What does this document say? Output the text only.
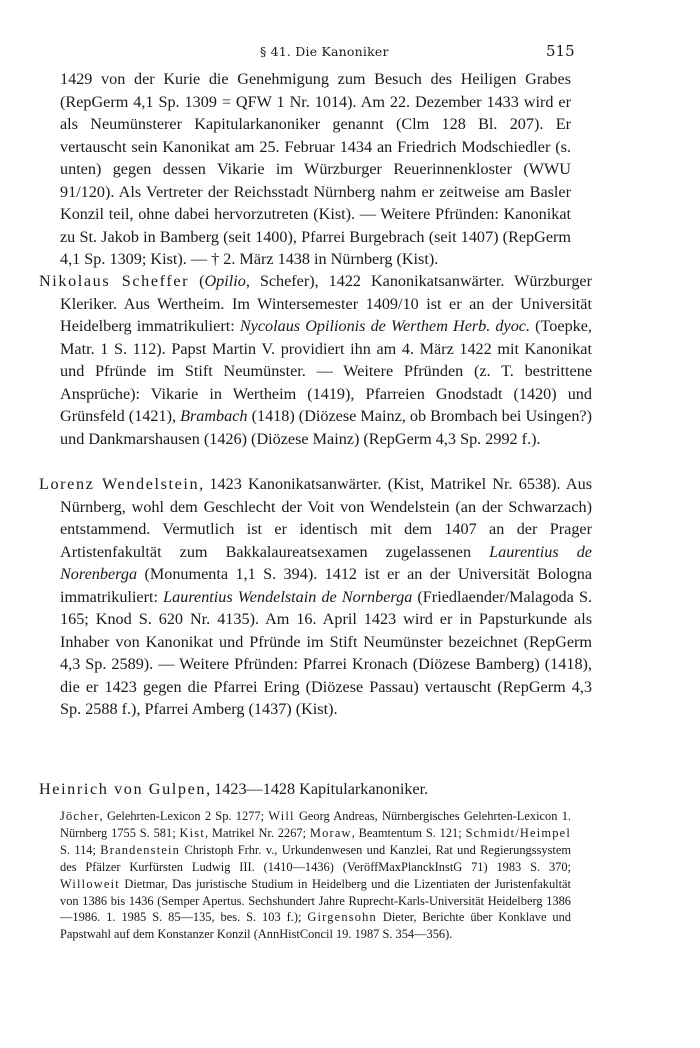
§ 41. Die Kanoniker	515

1429 von der Kurie die Genehmigung zum Besuch des Heiligen Grabes (RepGerm 4,1 Sp. 1309 = QFW 1 Nr. 1014). Am 22. Dezember 1433 wird er als Neumünsterer Kapitularkanoniker genannt (Clm 128 Bl. 207). Er vertauscht sein Kanonikat am 25. Februar 1434 an Friedrich Modschiedler (s. unten) gegen dessen Vikarie im Würzburger Reuerinnenkloster (WWU 91/120). Als Vertreter der Reichsstadt Nürnberg nahm er zeitweise am Basler Konzil teil, ohne dabei hervorzutreten (Kist). — Weitere Pfründen: Kanonikat zu St. Jakob in Bamberg (seit 1400), Pfarrei Burgebrach (seit 1407) (RepGerm 4,1 Sp. 1309; Kist). — † 2. März 1438 in Nürnberg (Kist).

Nikolaus Scheffer (Opilio, Schefer), 1422 Kanonikatsanwärter. Würzburger Kleriker. Aus Wertheim. Im Wintersemester 1409/10 ist er an der Universität Heidelberg immatrikuliert: Nycolaus Opilionis de Werthem Herb. dyoc. (Toepke, Matr. 1 S. 112). Papst Martin V. providiert ihn am 4. März 1422 mit Kanonikat und Pfründe im Stift Neumünster. — Weitere Pfründen (z. T. bestrittene Ansprüche): Vikarie in Wertheim (1419), Pfarreien Gnodstadt (1420) und Grünsfeld (1421), Brambach (1418) (Diözese Mainz, ob Brombach bei Usingen?) und Dankmarshausen (1426) (Diözese Mainz) (RepGerm 4,3 Sp. 2992 f.).

Lorenz Wendelstein, 1423 Kanonikatsanwärter. (Kist, Matrikel Nr. 6538). Aus Nürnberg, wohl dem Geschlecht der Voit von Wendelstein (an der Schwarzach) entstammend. Vermutlich ist er identisch mit dem 1407 an der Prager Artistenfakultät zum Bakkalaureatsexamen zugelassenen Laurentius de Norenberga (Monumenta 1,1 S. 394). 1412 ist er an der Universität Bologna immatrikuliert: Laurentius Wendelstain de Nornberga (Friedlaender/Malagoda S. 165; Knod S. 620 Nr. 4135). Am 16. April 1423 wird er in Papsturkunde als Inhaber von Kanonikat und Pfründe im Stift Neumünster bezeichnet (RepGerm 4,3 Sp. 2589). — Weitere Pfründen: Pfarrei Kronach (Diözese Bamberg) (1418), die er 1423 gegen die Pfarrei Ering (Diözese Passau) vertauscht (RepGerm 4,3 Sp. 2588 f.), Pfarrei Amberg (1437) (Kist).

Heinrich von Gulpen, 1423—1428 Kapitularkanoniker.

Jöcher, Gelehrten-Lexicon 2 Sp. 1277; Will Georg Andreas, Nürnbergisches Gelehrten-Lexicon 1. Nürnberg 1755 S. 581; Kist, Matrikel Nr. 2267; Moraw, Beamtentum S. 121; Schmidt/Heimpel S. 114; Brandenstein Christoph Frhr. v., Urkundenwesen und Kanzlei, Rat und Regierungssystem des Pfälzer Kurfürsten Ludwig III. (1410—1436) (VeröffMaxPlanckInstG 71) 1983 S. 370; Willoweit Dietmar, Das juristische Studium in Heidelberg und die Lizentiaten der Juristenfakultät von 1386 bis 1436 (Semper Apertus. Sechshundert Jahre Ruprecht-Karls-Universität Heidelberg 1386—1986. 1. 1985 S. 85—135, bes. S. 103 f.); Girgensohn Dieter, Berichte über Konklave und Papstwahl auf dem Konstanzer Konzil (AnnHistConcil 19. 1987 S. 354—356).
